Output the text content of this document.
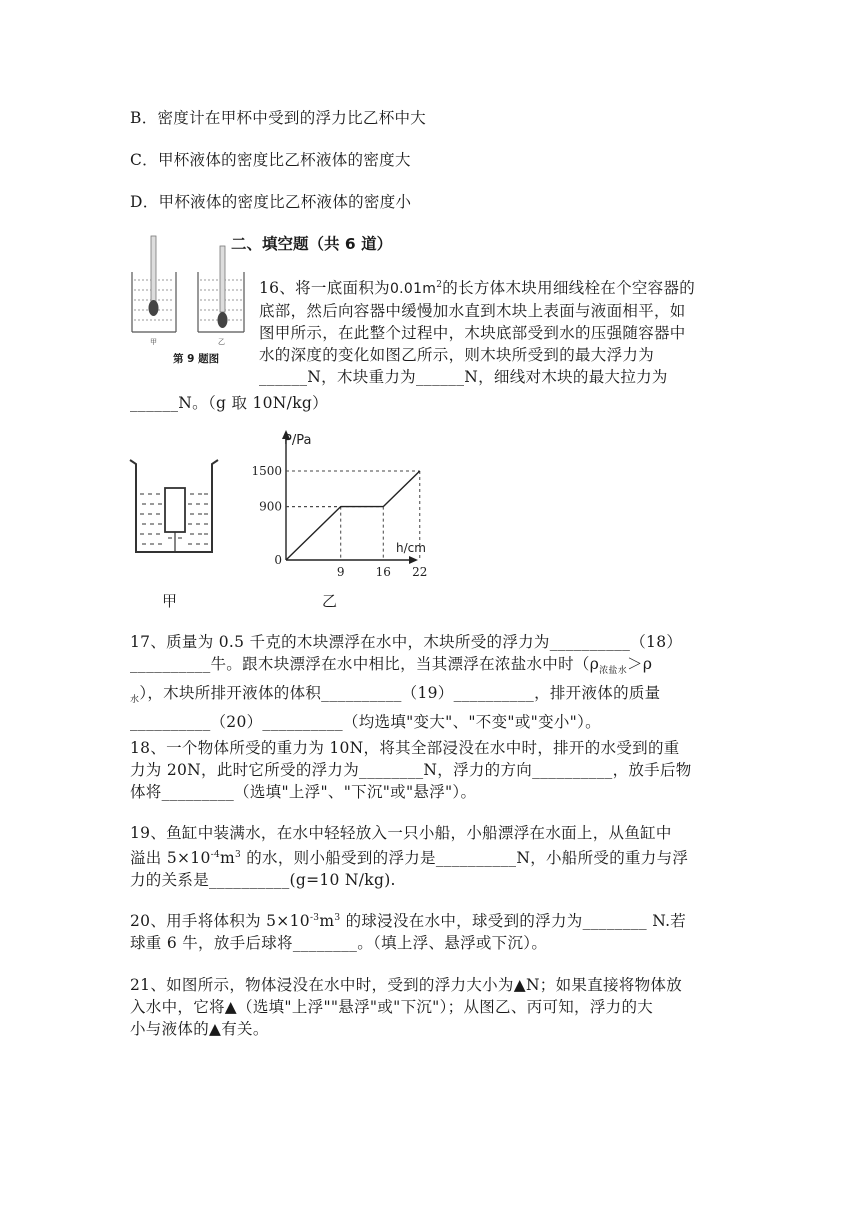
B．密度计在甲杯中受到的浮力比乙杯中大
C．甲杯液体的密度比乙杯液体的密度大
D．甲杯液体的密度比乙杯液体的密度小
甲	乙
第 9 题图
二、填空题（共 6 道）
16、将一底面积为$0.01m^2$的长方体木块用细线栓在个空容器的
底部，然后向容器中缓慢加水直到木块上表面与液面相平，如
图甲所示，在此整个过程中，木块底部受到水的压强随容器中
水的深度的变化如图乙所示，则木块所受到的最大浮力为
______N，木块重力为______N，细线对木块的最大拉力为
______N。（g 取 10N/kg）
甲
P/Pa
h/cm
1500
900
0
9	16 22
乙
17、质量为 0.5 千克的木块漂浮在水中，木块所受的浮力为__________（18）
__________牛。跟木块漂浮在水中相比，当其漂浮在浓盐水中时（$\rho_{浓盐水}>\rho$
$_水$），木块所排开液体的体积__________（19）__________，排开液体的质量
__________（20）__________（均选填"变大"、"不变"或"变小"）。
18、一个物体所受的重力为 10N，将其全部浸没在水中时，排开的水受到的重
力为 20N，此时它所受的浮力为________N，浮力的方向__________，放手后物
体将_________（选填"上浮"、"下沉"或"悬浮"）。
19、鱼缸中装满水，在水中轻轻放入一只小船，小船漂浮在水面上，从鱼缸中
溢出 $5\times 10^{-4}m^3$ 的水，则小船受到的浮力是__________N，小船所受的重力与浮
力的关系是__________(g=10 N/kg).
20、用手将体积为 $5\times 10^{-3}m^3$ 的球浸没在水中，球受到的浮力为________ N.若
球重 6 牛，放手后球将________。（填上浮、悬浮或下沉）。
21、如图所示，物体浸没在水中时，受到的浮力大小为▲N；如果直接将物体放
入水中，它将▲（选填"上浮""悬浮"或"下沉"）；从图乙、丙可知，浮力的大
小与液体的▲有关。
